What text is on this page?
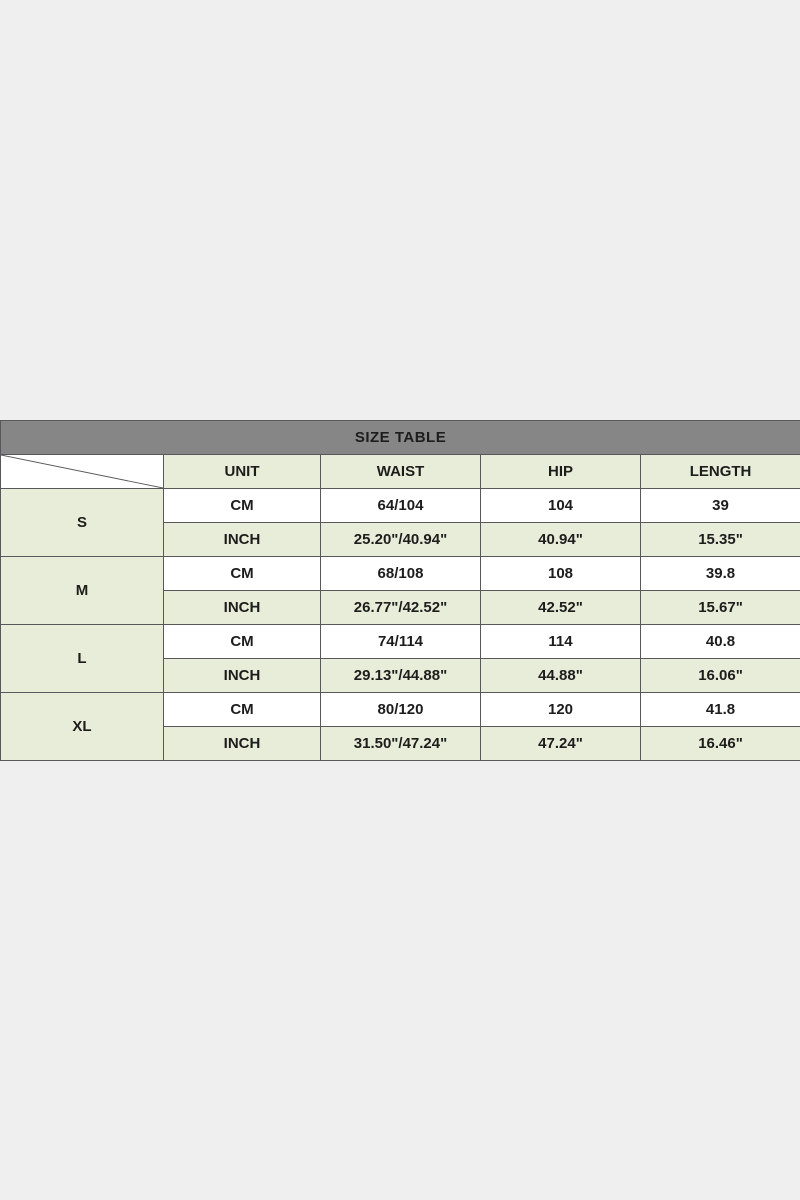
SIZE TABLE				

	UNIT	WAIST	HIP	LENGTH
S	CM	64/104	104	39
	INCH	25.20"/40.94"	40.94"	15.35"
M	CM	68/108	108	39.8
	INCH	26.77"/42.52"	42.52"	15.67"
L	CM	74/114	114	40.8
	INCH	29.13"/44.88"	44.88"	16.06"
XL	CM	80/120	120	41.8
	INCH	31.50"/47.24"	47.24"	16.46"
